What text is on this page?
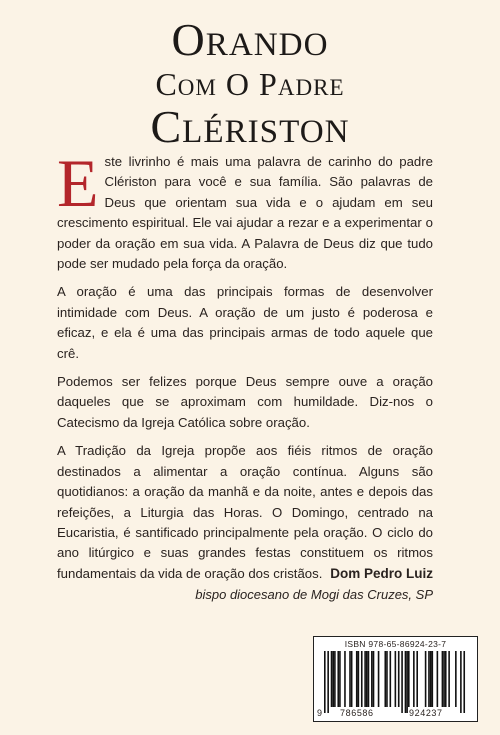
ORANDO
COM O PADRE
CLÉRISTON

Este livrinho é mais uma palavra de carinho do padre Clériston para você e sua família. São palavras de Deus que orientam sua vida e o ajudam em seu crescimento espiritual. Ele vai ajudar a rezar e a experimentar o poder da oração em sua vida. A Palavra de Deus diz que tudo pode ser mudado pela força da oração.

A oração é uma das principais formas de desenvolver intimidade com Deus. A oração de um justo é poderosa e eficaz, e ela é uma das principais armas de todo aquele que crê.

Podemos ser felizes porque Deus sempre ouve a oração daqueles que se aproximam com humildade. Diz-nos o Catecismo da Igreja Católica sobre oração.

A Tradição da Igreja propõe aos fiéis ritmos de oração destinados a alimentar a oração contínua. Alguns são quotidianos: a oração da manhã e da noite, antes e depois das refeições, a Liturgia das Horas. O Domingo, centrado na Eucaristia, é santificado principalmente pela oração. O ciclo do ano litúrgico e suas grandes festas constituem os ritmos fundamentais da vida de oração dos cristãos. Dom Pedro Luiz
bispo diocesano de Mogi das Cruzes, SP
ISBN 978-65-86924-23-7
9 786586	924237
